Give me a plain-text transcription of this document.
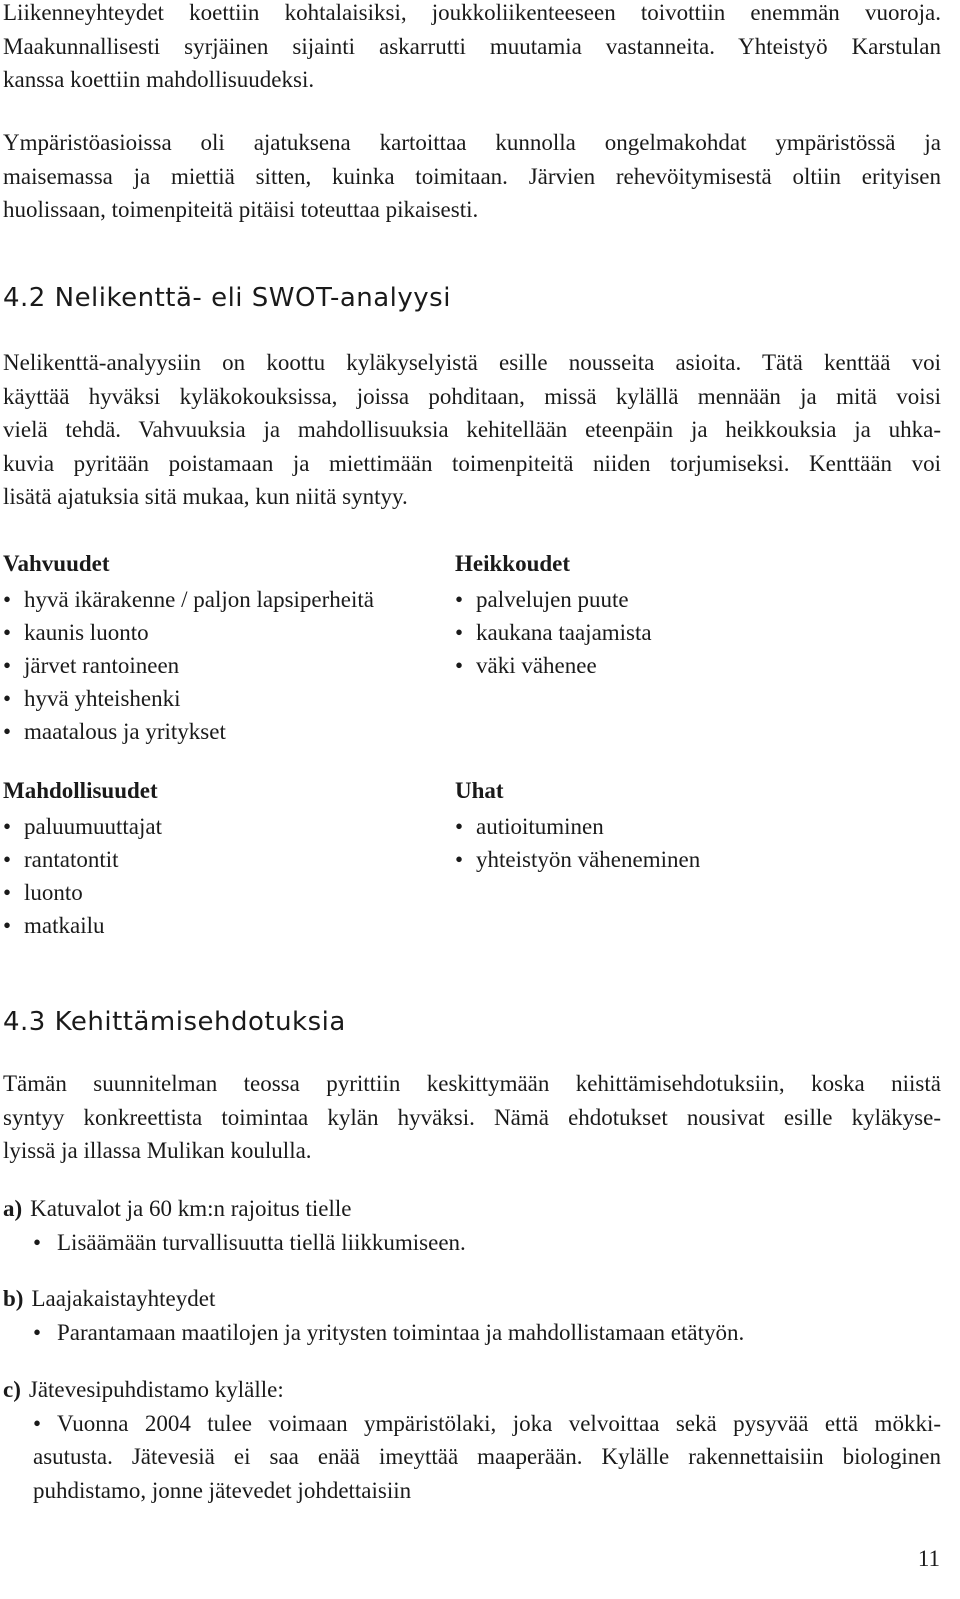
Liikenneyhteydet koettiin kohtalaisiksi, joukkoliikenteeseen toivottiin enemmän vuoroja.
Maakunnallisesti syrjäinen sijainti askarrutti muutamia vastanneita. Yhteistyö Karstulan
kanssa koettiin mahdollisuudeksi.

Ympäristöasioissa oli ajatuksena kartoittaa kunnolla ongelmakohdat ympäristössä ja
maisemassa ja miettiä sitten, kuinka toimitaan. Järvien rehevöitymisestä oltiin erityisen
huolissaan, toimenpiteitä pitäisi toteuttaa pikaisesti.

4.2 Nelikenttä- eli SWOT-analyysi

Nelikenttä-analyysiin on koottu kyläkyselyistä esille nousseita asioita. Tätä kenttää voi
käyttää hyväksi kyläkokouksissa, joissa pohditaan, missä kylällä mennään ja mitä voisi
vielä tehdä. Vahvuuksia ja mahdollisuuksia kehitellään eteenpäin ja heikkouksia ja uhka-
kuvia pyritään poistamaan ja miettimään toimenpiteitä niiden torjumiseksi. Kenttään voi
lisätä ajatuksia sitä mukaa, kun niitä syntyy.

Vahvuudet
• hyvä ikärakenne / paljon lapsiperheitä
• kaunis luonto
• järvet rantoineen
• hyvä yhteishenki
• maatalous ja yritykset
Heikkoudet
• palvelujen puute
• kaukana taajamista
• väki vähenee
Mahdollisuudet
• paluumuuttajat
• rantatontit
• luonto
• matkailu
Uhat
• autioituminen
• yhteistyön väheneminen
4.3 Kehittämisehdotuksia

Tämän suunnitelman teossa pyrittiin keskittymään kehittämisehdotuksiin, koska niistä
syntyy konkreettista toimintaa kylän hyväksi. Nämä ehdotukset nousivat esille kyläkyse-
lyissä ja illassa Mulikan koululla.

a) Katuvalot ja 60 km:n rajoitus tielle
• Lisäämään turvallisuutta tiellä liikkumiseen.
b) Laajakaistayhteydet
• Parantamaan maatilojen ja yritysten toimintaa ja mahdollistamaan etätyön.
c) Jätevesipuhdistamo kylälle:
• Vuonna 2004 tulee voimaan ympäristölaki, joka velvoittaa sekä pysyvää että mökki-
asutusta. Jätevesiä ei saa enää imeyttää maaperään. Kylälle rakennettaisiin biologinen
puhdistamo, jonne jätevedet johdettaisiin
11
